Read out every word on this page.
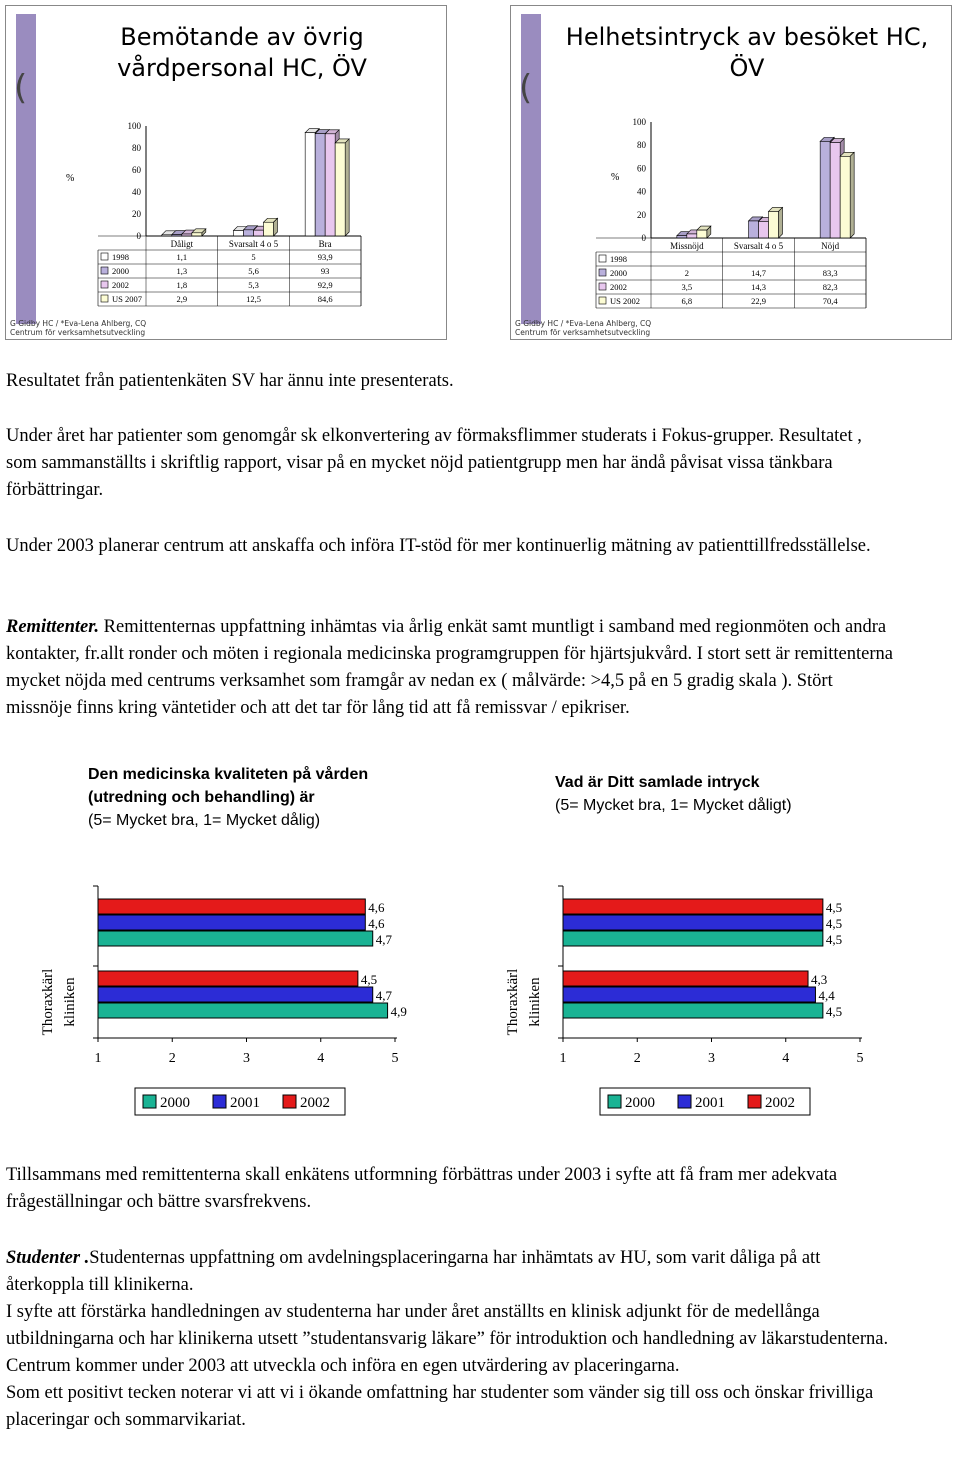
(
Bemötande av övrig vårdpersonal HC, ÖV
100
80
60
40
20
0
%
Dåligt	Svarsalt 4 o 5	Bra
1998	1,1	5	93,9
2000	1,3	5,6	93
2002	1,8	5,3	92,9
US 2007	2,9	12,5	84,6
G Gidby HC / *Eva-Lena Ahlberg, CQ
Centrum för verksamhetsutveckling
(
Helhetsintryck av besöket HC, ÖV
100
80
60
40
20
0
%
Missnöjd	Svarsalt 4 o 5	Nöjd
1998
2000	2	14,7	83,3
2002	3,5	14,3	82,3
US 2002	6,8	22,9	70,4
G Gidby HC / *Eva-Lena Ahlberg, CQ
Centrum för verksamhetsutveckling

Resultatet från patientenkäten SV har ännu inte presenterats.

Under året har patienter som genomgår sk elkonvertering av förmaksflimmer studerats i Fokus-grupper. Resultatet , som sammanställts i skriftlig rapport, visar på en mycket nöjd patientgrupp men har ändå påvisat vissa tänkbara förbättringar.

Under 2003 planerar centrum att anskaffa och införa IT-stöd för mer kontinuerlig mätning av patienttillfredsställelse.

Remittenter. Remittenternas uppfattning inhämtas via årlig enkät samt muntligt i samband med regionmöten och andra kontakter, fr.allt ronder och möten i regionala medicinska programgruppen för hjärtsjukvård. I stort sett är remittenterna mycket nöjda med centrums verksamhet som framgår av nedan ex ( målvärde: >4,5 på en 5 gradig skala ). Stört missnöje finns kring väntetider och att det tar för lång tid att få remissvar / epikriser.

Den medicinska kvaliteten på vården (utredning och behandling) är
(5= Mycket bra, 1= Mycket dålig)
Vad är Ditt samlade intryck
(5= Mycket bra, 1= Mycket dåligt)
1	2	3	4	5
Thoraxkärl kliniken	4,5
4,7
4,9
4,6
4,6
4,7
2000	2001	2002
1	2	3	4	5
Thoraxkärl kliniken	4,3
4,4
4,5
4,5
4,5
4,5
2000	2001	2002

Tillsammans med remittenterna skall enkätens utformning förbättras under 2003 i syfte att få fram mer adekvata frågeställningar och bättre svarsfrekvens.

Studenter .Studenternas uppfattning om avdelningsplaceringarna har inhämtats av HU, som varit dåliga på att återkoppla till klinikerna.

I syfte att förstärka handledningen av studenterna har under året anställts en klinisk adjunkt för de medellånga utbildningarna och har klinikerna utsett ”studentansvarig läkare” för introduktion och handledning av läkarstudenterna. Centrum kommer under 2003 att utveckla och införa en egen utvärdering av placeringarna.

Som ett positivt tecken noterar vi att vi i ökande omfattning har studenter som vänder sig till oss och önskar frivilliga placeringar och sommarvikariat.
